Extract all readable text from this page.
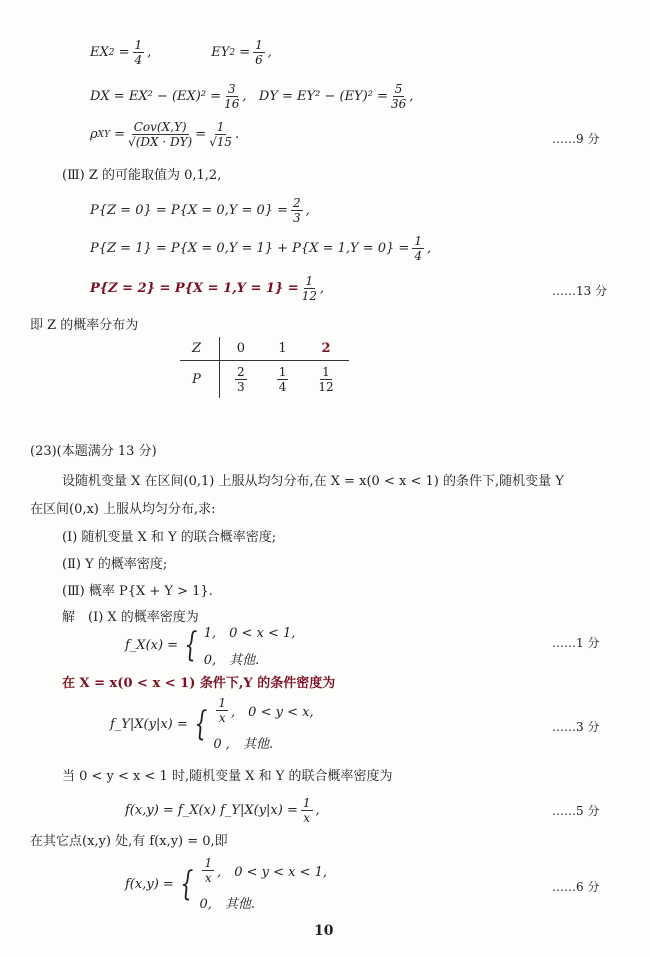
EX $2 = \frac{1}{4}$ ,	EY $2 = \frac{1}{6}$ ,
DX = $EX^2 - (EX)^2 = \frac{3}{16}$ , DY = $EY^2 - (EY)^2 = \frac{5}{36}$ ,
ρ XY = Cov(X,Y)
$√(DX \cdot DY) = \frac{1}{√15}$ .	……9 分
(Ⅲ) Z 的可能取值为 0,1,2,
$P\{Z = 0\} = P\{X = 0,Y = 0\} = \frac{2}{3}$ ,
$P\{Z = 1\} = P\{X = 0,Y = 1\} + P\{X = 1,Y = 0\} = \frac{1}{4}$ ,
$P\{Z = 2\} = P\{X = 1,Y = 1\} = \frac{1}{12}$ ,	……13 分
即 Z 的概率分布为
Z	0	1	2
P	$\frac{2}{3}$	$\frac{1}{4}$	$\frac{1}{12}$
(23)(本题满分 13 分)
设随机变量 X 在区间(0,1) 上服从均匀分布,在 X = x(0 < x < 1) 的条件下,随机变量 Y
在区间(0,x) 上服从均匀分布,求:
(Ⅰ) 随机变量 X 和 Y 的联合概率密度;
(Ⅱ) Y 的概率密度;
(Ⅲ) 概率 P{X + Y > 1}.
解　(Ⅰ) X 的概率密度为
f_X(x) = { 1,　0 < x < 1,
0,　其他.
……1 分
在 X = x(0 < x < 1) 条件下,Y 的条件密度为
f_Y|X(y|x) = { $\frac{1}{x}$ ,　0 < y < x,
0 ,　其他.
……3 分
当 0 < y < x < 1 时,随机变量 X 和 Y 的联合概率密度为
f(x,y) = f_X(x) f_Y|X(y|x) = $\frac{1}{x}$ ,	……5 分
在其它点(x,y) 处,有 f(x,y) = 0,即
f(x,y) = { $\frac{1}{x}$ ,　0 < y < x < 1,
0,　其他.
……6 分
10
